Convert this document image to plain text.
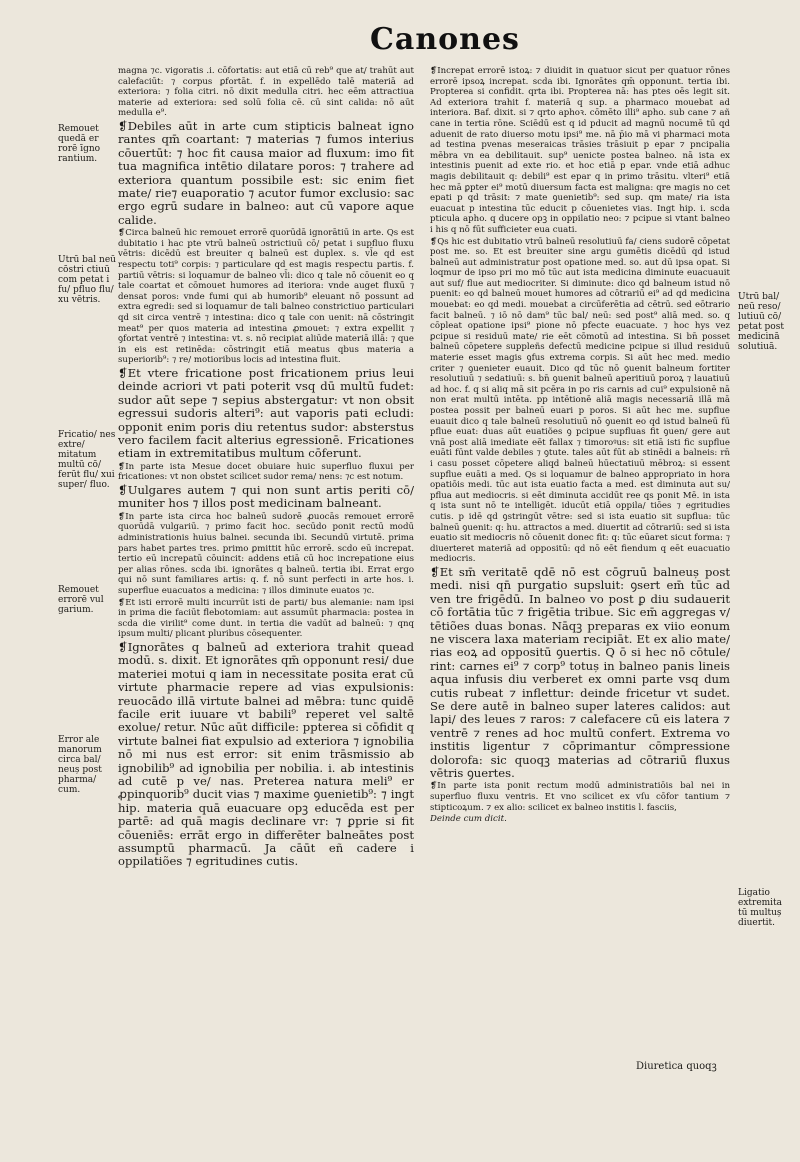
Canones
Remouet quedā er rorē īgno rantium.
Utrū bal neū cōstri ctiuū com petat i fu/ pfluo flu/ xu vētris.
Fricatio/ nes extre/ mitatum multū cō/ ferūt flu/ xui super/ fluo.
Remouet errorē vul garium.
Error ale manorum circa bal/ neuș post pharma/ cum.
Utrū bal/ neū reso/ lutiuū cō/ petat post medicinā solutiuā.
Ligatio extremita tū multuș diuertit.

magna ⁊c. vigoratis .i. cōfortatis: aut etiā cū reb⁹ que at/ trahūt aut calefaciūt: ⁊ corpus ꝑfortāt. f. in expellēdo talē materiā ad exteriora: ⁊ folia citri. nō dixit medulla citri. hec eēm attractiua materie ad exteriora: sed solū folia cē. cū sint calida: nō aūt medulla e⁹.

❡ Debiles aūt in arte cum stipticis balneat igno rantes qm̄ coartant: ⁊ materias ⁊ fumos interius cōuertūt: ⁊ hoc fit causa maior ad fluxum: imo fit tua magnifica intētio dilatare poros: ⁊ trahere ad exteriora quantum possibile est: sic enim fiet mate/ rie⁊ euaporatio ⁊ acutor fumor exclusio: sac ergo egrū sudare in balneo: aut cū vapore aque calide.

❡ Circa balneū hic remouet errorē quorūdā ignorātiū in arte. Qs est dubitatio i hac pte vtrū balneū ɔstrictiuū cō/ petat i supfluo fluxu vētris: dicēdū est breuiter q balneū est duplex. s. vl̄e qd est respectu toti⁹ corpis: ⁊ particulare qd est magis respectu partis. f. partiū vētris: si loquamur de balneo vl̄i: dico q tale nō cōuenit eo q tale coartat et cōmouet humores ad iteriora: vnde auget fluxū ⁊ densat poros: vnde fumi qui ab humorib⁹ eleuant nō possunt ad extra egredi: sed si loquamur de tali balneo constrictiuo particulari qd sit circa ventrē ⁊ intestina: dico q tale con uenit: nā cōstringit meat⁹ per quos materia ad intestina ꝓmouet: ⁊ extra expellit ⁊ ꝯfortat ventrē ⁊ intestina: vt. s. nō recipiat aliūde materiā illā: ⁊ que in eis est retinēda: cōstringit etiā meatus qbus materia a superiorib⁹: ⁊ re/ motioribus locis ad intestina fluit.

❡ Et vtere fricatione post fricationem prius leui deinde acriori vt pati poterit vsq dū multū fudet: sudor aūt sepe ⁊ sepius abstergatur: vt non obsit egressui sudoris alteri⁹: aut vaporis pati ecludi: opponit enim poris diu retentus sudor: absterstus vero facilem facit alterius egressionē. Fricationes etiam in extremitatibus multum cōferunt.

❡ In parte ista Mesue docet obuiare huic superfluo fluxui per fricationes: vt non obstet scilicet sudor rema/ nens: ⁊c est notum.

❡ Uulgares autem ⁊ qui non sunt artis periti cō/ muniter hos ⁊ illos post medicinam balneant.

❡ In parte ista circa hoc balneū sudorē ꝓuocās remouet errorē quorūdā vulgariū. ⁊ primo facit hoc. secūdo ponit rectū modū administrationis huius balnei. secunda ibi. Secundū virtutē. prima pars habet partes tres. primo ꝑmittit hūc errorē. scdo eū increpat. tertio eū increpatū cōuincit: addens etiā cū hoc increpatione eius per alias rōnes. scda ibi. ignorātes q balneū. tertia ibi. Errat ergo qui nō sunt familiares artis: q. f. nō sunt perfecti in arte hos. i. superflue euacuatos a medicina: ⁊ illos diminute euatos ⁊c.

❡ Et isti errorē multi incurrūt isti de parti/ bus alemanie: nam ipsi in prima die faciūt flebotomiam: aut assumūt pharmacia: postea in scda die virilit⁹ come dunt. in tertia die vadūt ad balneū: ⁊ qnq ipsum multi/ plicant pluribus cōsequenter.

❡ Ignorātes q balneū ad exteriora trahit quead modū. s. dixit. Et ignorātes qm̄ opponunt resi/ due materiei motui q iam in necessitate posita erat cū virtute pharmacie repere ad vias expulsionis: reuocādo illā virtute balnei ad mēbra: tunc quidē facile erit iuuare vt babili⁹ reperet vel saltē exolue/ retur. Nūc aūt difficile: ppterea si cōfidit q virtute balnei fiat expulsio ad exteriora ⁊ ignobilia nō mi nus est error: sit enim trāsmissio ab ignobilib⁹ ad ignobilia per nobilia. i. ab intestinis ad cutē p ve/ nas. Preterea natura meli⁹ er ꝓpinquorib⁹ ducit vias ⁊ maxime ꝯuenietib⁹: ⁊ ingt hip. materia quā euacuare opꝫ educēda est per partē: ad quā magis declinare vr: ⁊ ꝑprie si fit cōueniēs: errāt ergo in differēter balneātes post assumptū pharmacū. Ja cāūt eñ cadere i oppilatiões ⁊ egritudines cutis.

❡ Increpat errorē istoꝝ: ⁊ diuidit in quatuor sicut per quatuor rōnes errorē ipsoꝝ increpat. scda ibi. Ignorātes qm̄ opponunt. tertia ibi. Propterea si confidit. qrta ibi. Propterea nā: has ptes oēs legit sit. Ad exteriora trahit f. materiā q sup. a pharmaco mouebat ad interiora. Baf. dixit. si ⁊ qrto aphoꝛ. cōmēto illi⁹ apho. sub cane ⁊ añ cane in tertia rōne. Sciēdū est q id pducit ad magnū nocumē tū qd aduenit de rato diuerso motu ipsi⁹ me. nā p̄io mā vi pharmaci mota ad testina pvenas meseraicas trāsies trāsiuit p epar ⁊ pncipalia mēbra vn ea debilitauit. sup⁹ uenicte postea balneo. nā ista ex intestinis puenit ad exte rio. et hoc etiā p epar. vnde etiā adhuc magis debilitauit q: debili⁹ est epar q in primo trāsitu. vlteri⁹ etiā hec mā ꝑpter ei⁹ motū diuersum facta est maligna: qre magis no cet epati p qd trāsit: ⁊ mate ꝯuenietib⁹: sed sup. qm mate/ ria ista euacuat p intestina tūc educit p cōuenietes vias. Ingt hip. i. scda pticula apho. q ducere opꝫ in oppilatio neo: ⁊ pcipue si vtant balneo i his q nō fūt sufficieter eua cuati.

❡ Qs hic est dubitatio vtrū balneū resolutiuū fa/ ciens sudorē cōpetat post me. so. Et est breuiter sine argu gumētis dicēdū qd istud balneū aut administratur post opatione med. so. aut dū ipsa opat. Si loqmur de ipso pri mo mō tūc aut ista medicina diminute euacuauit aut suf/ flue aut mediocriter. Si diminute: dico qd balneum istud nō puenit: eo qd balneū mouet humores ad cōtrariū ei⁹ ad qd medicina mouebat: eo qd medi. mouebat a circūferētia ad cētrū. sed eōtrario facit balneū. ⁊ iō nō dam⁹ tūc bal/ neū: sed post⁹ aliā med. so. q cōpleat opatione ipsi⁹ pione nō pfecte euacuate. ⁊ hoc hys vez ꝑcipue si residuū mate/ rie eēt cōmotū ad intestina. Si bn̄ posset balneū cōpetere suppleñs defectū medicine pcipue si illud residuū materie esset magis ꝯfus extrema corpis. Si aūt hec med. medio criter ⁊ ꝯuenieter euauit. Dico qd tūc nō ꝯuenit balneum fortiter resolutiuū ⁊ sedatiuū: s. bn̄ ꝯuenit balneū aperitiuū poroꝝ ⁊ lauatiuū ad hoc. f. q si aliq mā sit pcēra in po ris carnis ad cui⁹ expulsionē nā non erat multū intēta. pp intētionē aliā magis necessariā illā mā postea possit per balneū euari p poros. Si aūt hec me. supflue euauit dico q tale balneū resolutiuū nō ꝯuenit eo qd istud balneū fū pflue euat: duas aūt euatiões ꝯ pcipue supfluas fit ꝯuen/ gere aut vnā post aliā imediate eēt fallax ⁊ timoroꝰus: sit etiā isti fic supflue euāti fūnt valde debiles ⁊ ꝯtute. tales aūt fūt ab stinēdi a balneis: rn̄ i casu posset cōpetere aliqd balneū hūectatiuū mēbroꝝ: si essent supflue euāti a med. Qs si loquamur de balneo appropriato in hora opatiōis medi. tūc aut ista euatio facta a med. est diminuta aut su/ pflua aut mediocris. si eēt diminuta accidūt ree qs ponit Mē. in ista q ista sunt nō te intelligēt. iducūt etiā oppila/ tiōes ⁊ egritudies cutis. p idē qd ꝯstringūt vētre: sed si ista euatio sit supflua: tūc balneū ꝯuenit: q: hu. attractos a med. diuertit ad cōtrariū: sed si ista euatio sit mediocris nō cōuenit donec fit: q: tūc eūaret sicut forma: ⁊ diuerteret materiā ad oppositū: qd nō eēt fiendum q eēt euacuatio mediocris.

❡ Et sm̄ veritatē qdē nō est cōgruū balneuș post medi. nisi qn̄ purgatio supsluit: ꝯsert em̄ tūc ad ven tre frigēdū. In balneo vo post ꝑ diu sudauerit cō fortātia tūc ⁊ frigētia tribue. Sic em̄ aggregas v/ tētiões duas bonas. Nāqꝫ preparas ex viio eonum ne viscera laxa materiam recipiāt. Et ex alio mate/ rias eoꝝ ad oppositū ꝯuertis. Q ō si hec nō cōtule/ rint: carnes ei⁹ ⁊ corp⁹ totuș in balneo panis lineis aqua infusis diu verberet ex omni parte vsq dum cutis rubeat ⁊ inflettur: deinde fricetur vt sudet. Se dere autē in balneo super lateres calidos: aut lapi/ des leues ⁊ raros: ⁊ calefacere cū eis latera ⁊ ventrē ⁊ renes ad hoc multū confert. Extrema vo institis ligentur ⁊ cōprimantur cōmpressione dolorofa: sic quoqꝫ materias ad cōtrariū fluxus vētris ꝯuertes.

❡ In parte ista ponit rectum modū administratiōis bal nei in superfluo fluxu ventris. Et vno scilicet ex vſu cōfor tantium ⁊ stipticoꝝum. ⁊ ex alio: scilicet ex balneo institis l. fasciis,

Deinde cum dicit.

Diuretica quoqꝫ
